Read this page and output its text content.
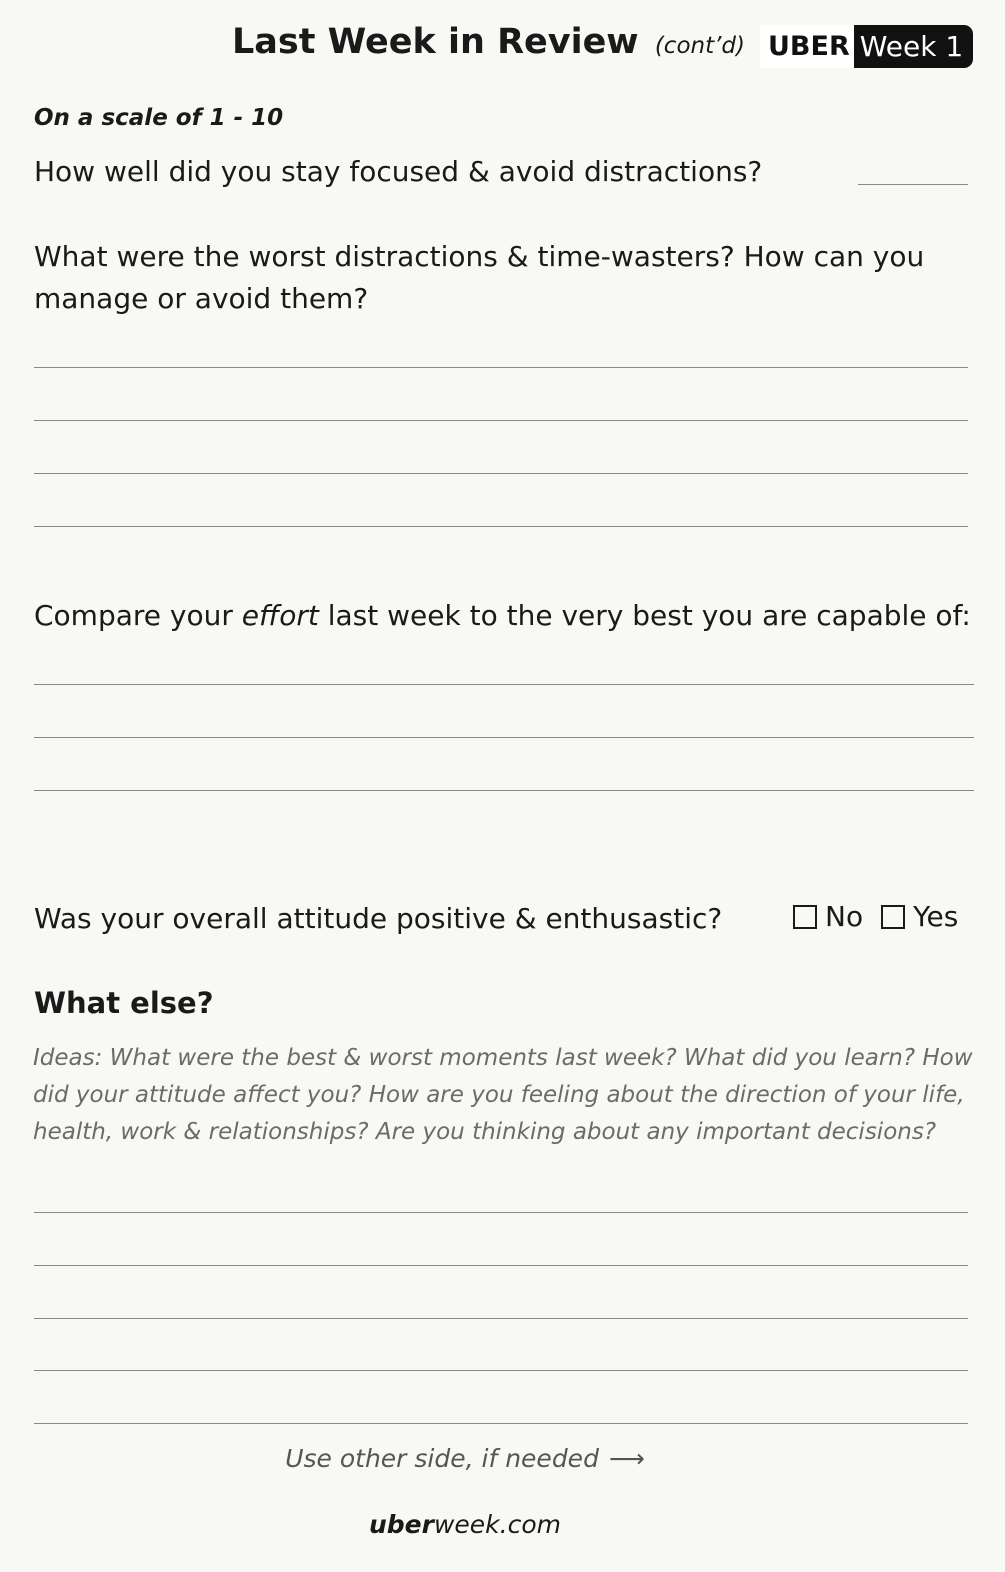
Last Week in Review (cont’d) UBER Week 1
On a scale of 1 - 10
How well did you stay focused & avoid distractions?
What were the worst distractions & time-wasters? How can you manage or avoid them?
Compare your effort last week to the very best you are capable of:
Was your overall attitude positive & enthusastic?	No Yes
What else?
Ideas: What were the best & worst moments last week? What did you learn? How did your attitude affect you? How are you feeling about the direction of your life, health, work & relationships? Are you thinking about any important decisions?
Use other side, if needed ⟶
uberweek.com
